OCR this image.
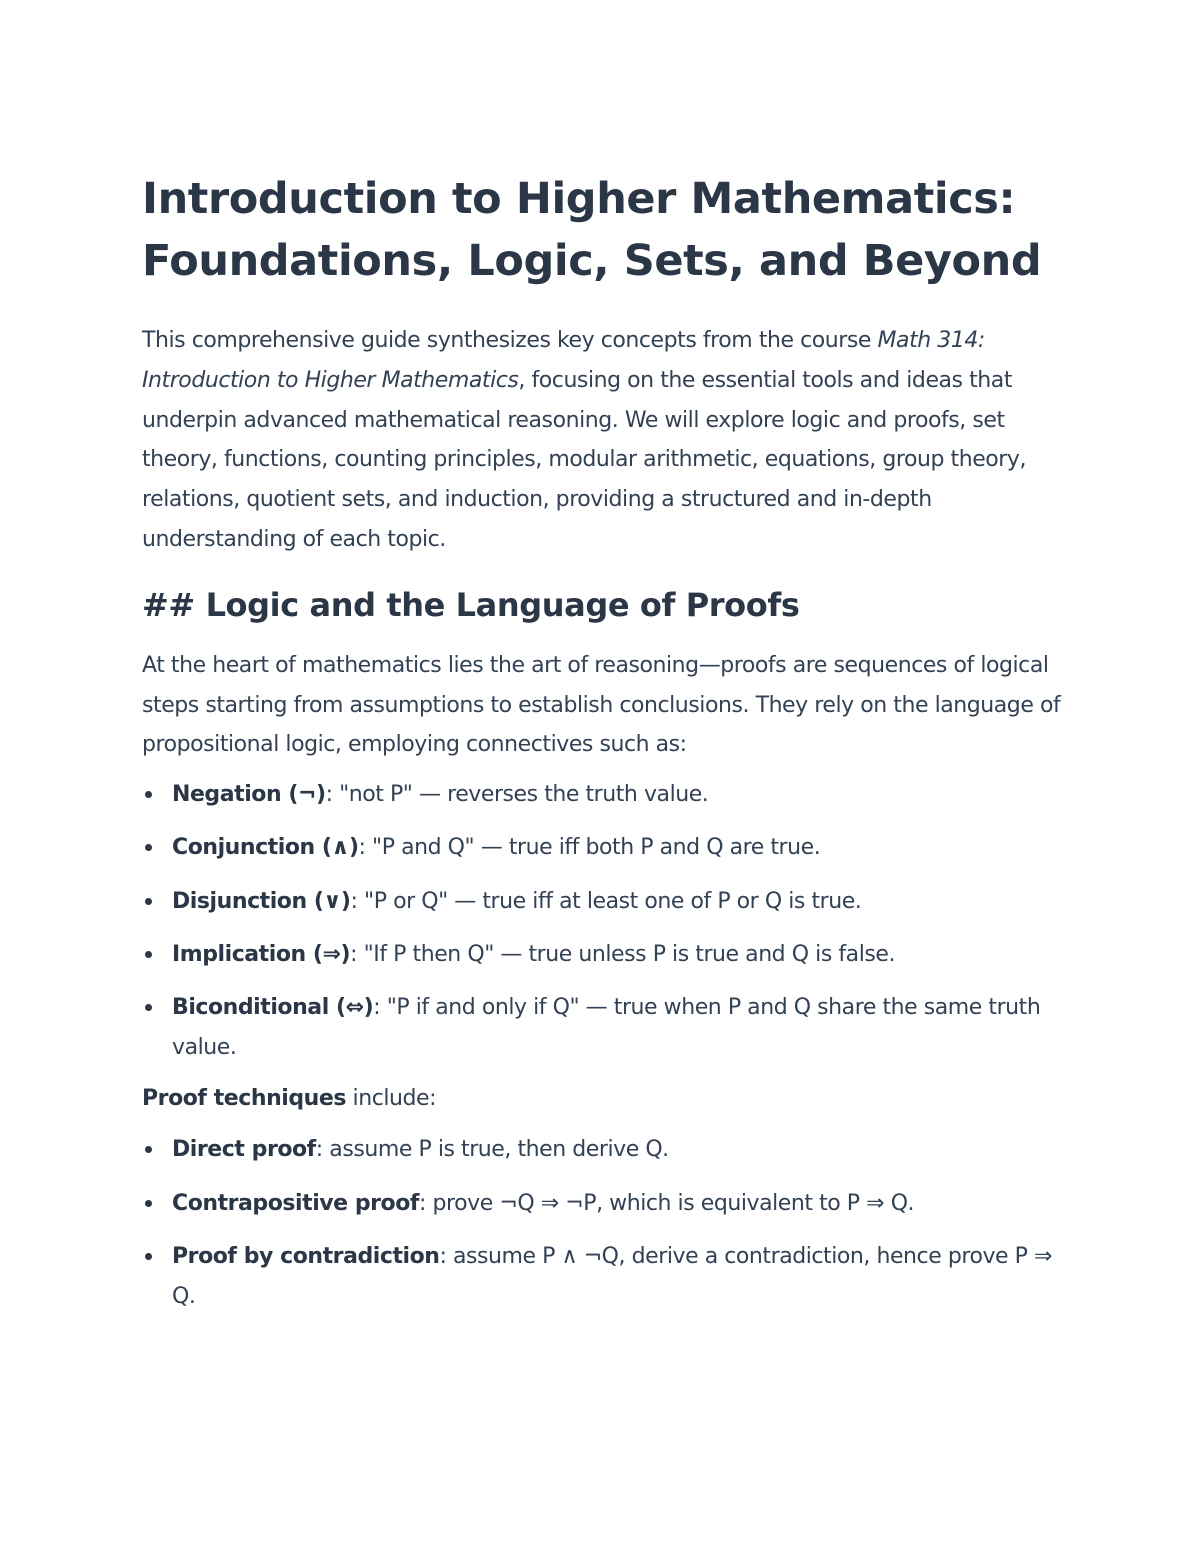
Introduction to Higher Mathematics:
Foundations, Logic, Sets, and Beyond

This comprehensive guide synthesizes key concepts from the course Math 314: Introduction to Higher Mathematics, focusing on the essential tools and ideas that underpin advanced mathematical reasoning. We will explore logic and proofs, set theory, functions, counting principles, modular arithmetic, equations, group theory, relations, quotient sets, and induction, providing a structured and in-depth understanding of each topic.

## Logic and the Language of Proofs

At the heart of mathematics lies the art of reasoning—proofs are sequences of logical steps starting from assumptions to establish conclusions. They rely on the language of propositional logic, employing connectives such as:

Negation (¬): "not P" — reverses the truth value.
Conjunction (∧): "P and Q" — true iff both P and Q are true.
Disjunction (∨): "P or Q" — true iff at least one of P or Q is true.
Implication (⇒): "If P then Q" — true unless P is true and Q is false.
Biconditional (⇔): "P if and only if Q" — true when P and Q share the same truth value.

Proof techniques include:

Direct proof: assume P is true, then derive Q.
Contrapositive proof: prove ¬Q ⇒ ¬P, which is equivalent to P ⇒ Q.
Proof by contradiction: assume P ∧ ¬Q, derive a contradiction, hence prove P ⇒ Q.
